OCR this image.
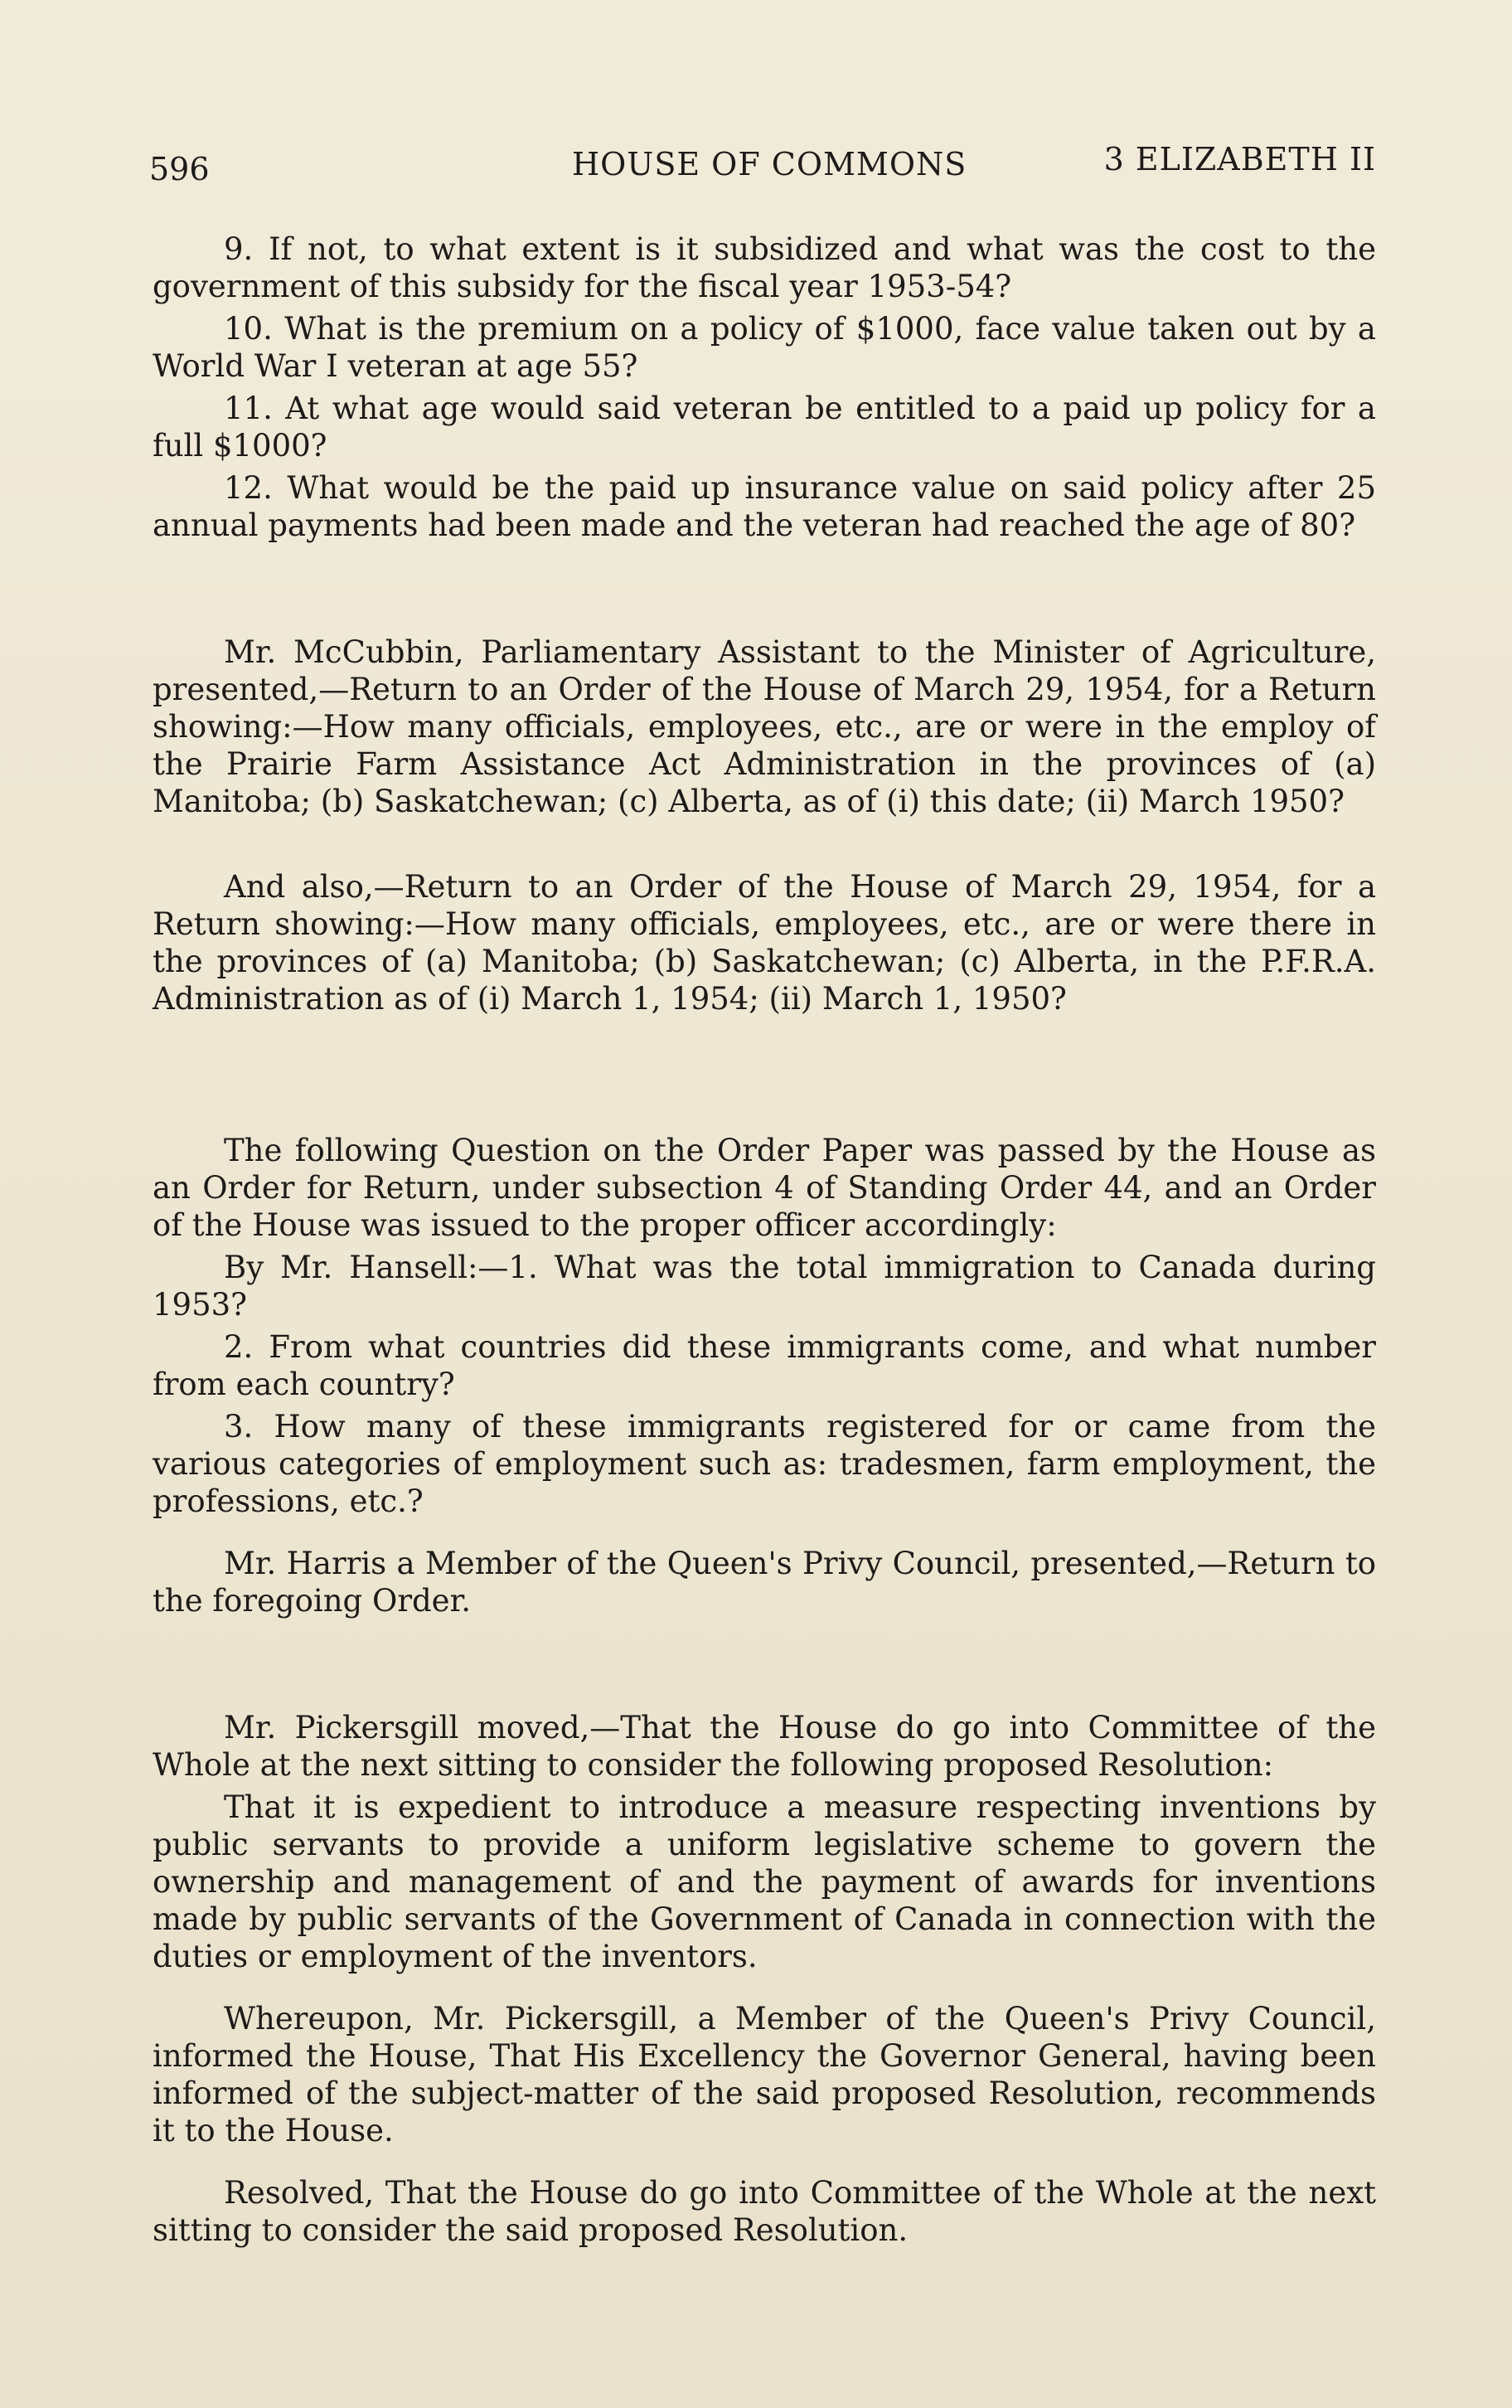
596	HOUSE OF COMMONS	3 ELIZABETH II

9. If not, to what extent is it subsidized and what was the cost to the government of this subsidy for the fiscal year 1953-54?

10. What is the premium on a policy of $1000, face value taken out by a World War I veteran at age 55?

11. At what age would said veteran be entitled to a paid up policy for a full $1000?

12. What would be the paid up insurance value on said policy after 25 annual payments had been made and the veteran had reached the age of 80?

Mr. McCubbin, Parliamentary Assistant to the Minister of Agriculture, presented,—Return to an Order of the House of March 29, 1954, for a Return showing:—How many officials, employees, etc., are or were in the employ of the Prairie Farm Assistance Act Administration in the provinces of (a) Manitoba; (b) Saskatchewan; (c) Alberta, as of (i) this date; (ii) March 1950?

And also,—Return to an Order of the House of March 29, 1954, for a Return showing:—How many officials, employees, etc., are or were there in the provinces of (a) Manitoba; (b) Saskatchewan; (c) Alberta, in the P.F.R.A. Administration as of (i) March 1, 1954; (ii) March 1, 1950?

The following Question on the Order Paper was passed by the House as an Order for Return, under subsection 4 of Standing Order 44, and an Order of the House was issued to the proper officer accordingly:

By Mr. Hansell:—1. What was the total immigration to Canada during 1953?

2. From what countries did these immigrants come, and what number from each country?

3. How many of these immigrants registered for or came from the various categories of employment such as: tradesmen, farm employment, the professions, etc.?

Mr. Harris a Member of the Queen's Privy Council, presented,—Return to the foregoing Order.

Mr. Pickersgill moved,—That the House do go into Committee of the Whole at the next sitting to consider the following proposed Resolution:

That it is expedient to introduce a measure respecting inventions by public servants to provide a uniform legislative scheme to govern the ownership and management of and the payment of awards for inventions made by public servants of the Government of Canada in connection with the duties or employment of the inventors.

Whereupon, Mr. Pickersgill, a Member of the Queen's Privy Council, informed the House, That His Excellency the Governor General, having been informed of the subject-matter of the said proposed Resolution, recommends it to the House.

Resolved, That the House do go into Committee of the Whole at the next sitting to consider the said proposed Resolution.
